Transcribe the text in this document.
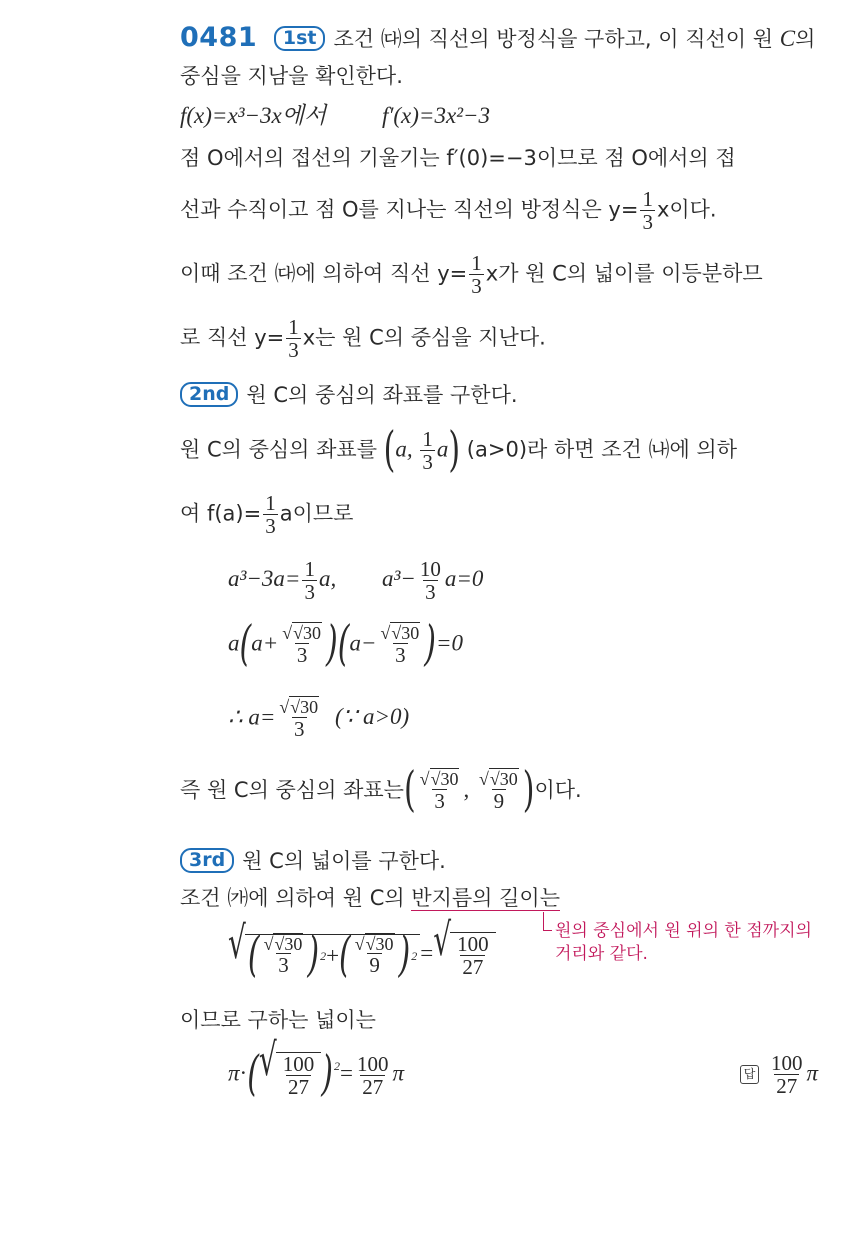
0481 1st 조건 ㈐의 직선의 방정식을 구하고, 이 직선이 원 C의
중심을 지남을 확인한다.
f(x)=x³−3x에서 f′(x)=3x²−3
점 O에서의 접선의 기울기는 f′(0)=−3이므로 점 O에서의 접
선과 수직이고 점 O를 지나는 직선의 방정식은 $y= \frac{1}{3}$ x이다.
이때 조건 ㈐에 의하여 직선 $y= \frac{1}{3}$ x가 원 C의 넓이를 이등분하므
로 직선 $y= \frac{1}{3}$ x는 원 C의 중심을 지난다.
2nd 원 C의 중심의 좌표를 구한다.
원 C의 중심의 좌표를 (a, $\frac{1}{3} a$) (a>0)라 하면 조건 ㈏에 의하
여 $f(a)= \frac{1}{3}$ a이므로
$a^3-3a= \frac{1}{3} a$, $a^3- \frac{10}{3} a=0$
$a(a+ \frac{√√30}{3} )(a- \frac{√√30}{3} )=0$
∴ $a= \frac{√√30}{3}$ (∵ a>0)
즉 원 C의 중심의 좌표는( $\frac{√√30}{3}$ , $\frac{√√30}{9}$ )이다.
3rd 원 C의 넓이를 구한다.
조건 ㈎에 의하여 원 C의 반지름의 길이는
원의 중심에서 원 위의 한 점까지의
거리와 같다.
√ ( $\frac{√√30}{3}$ ) 2 + ( $\frac{√√30}{9}$ ) 2 = √ $\frac{100}{27}$
이므로 구하는 넓이는
π·( √ $\frac{100}{27} )^2= \frac{100}{27}$ π	답 $\frac{100}{27}$ π
